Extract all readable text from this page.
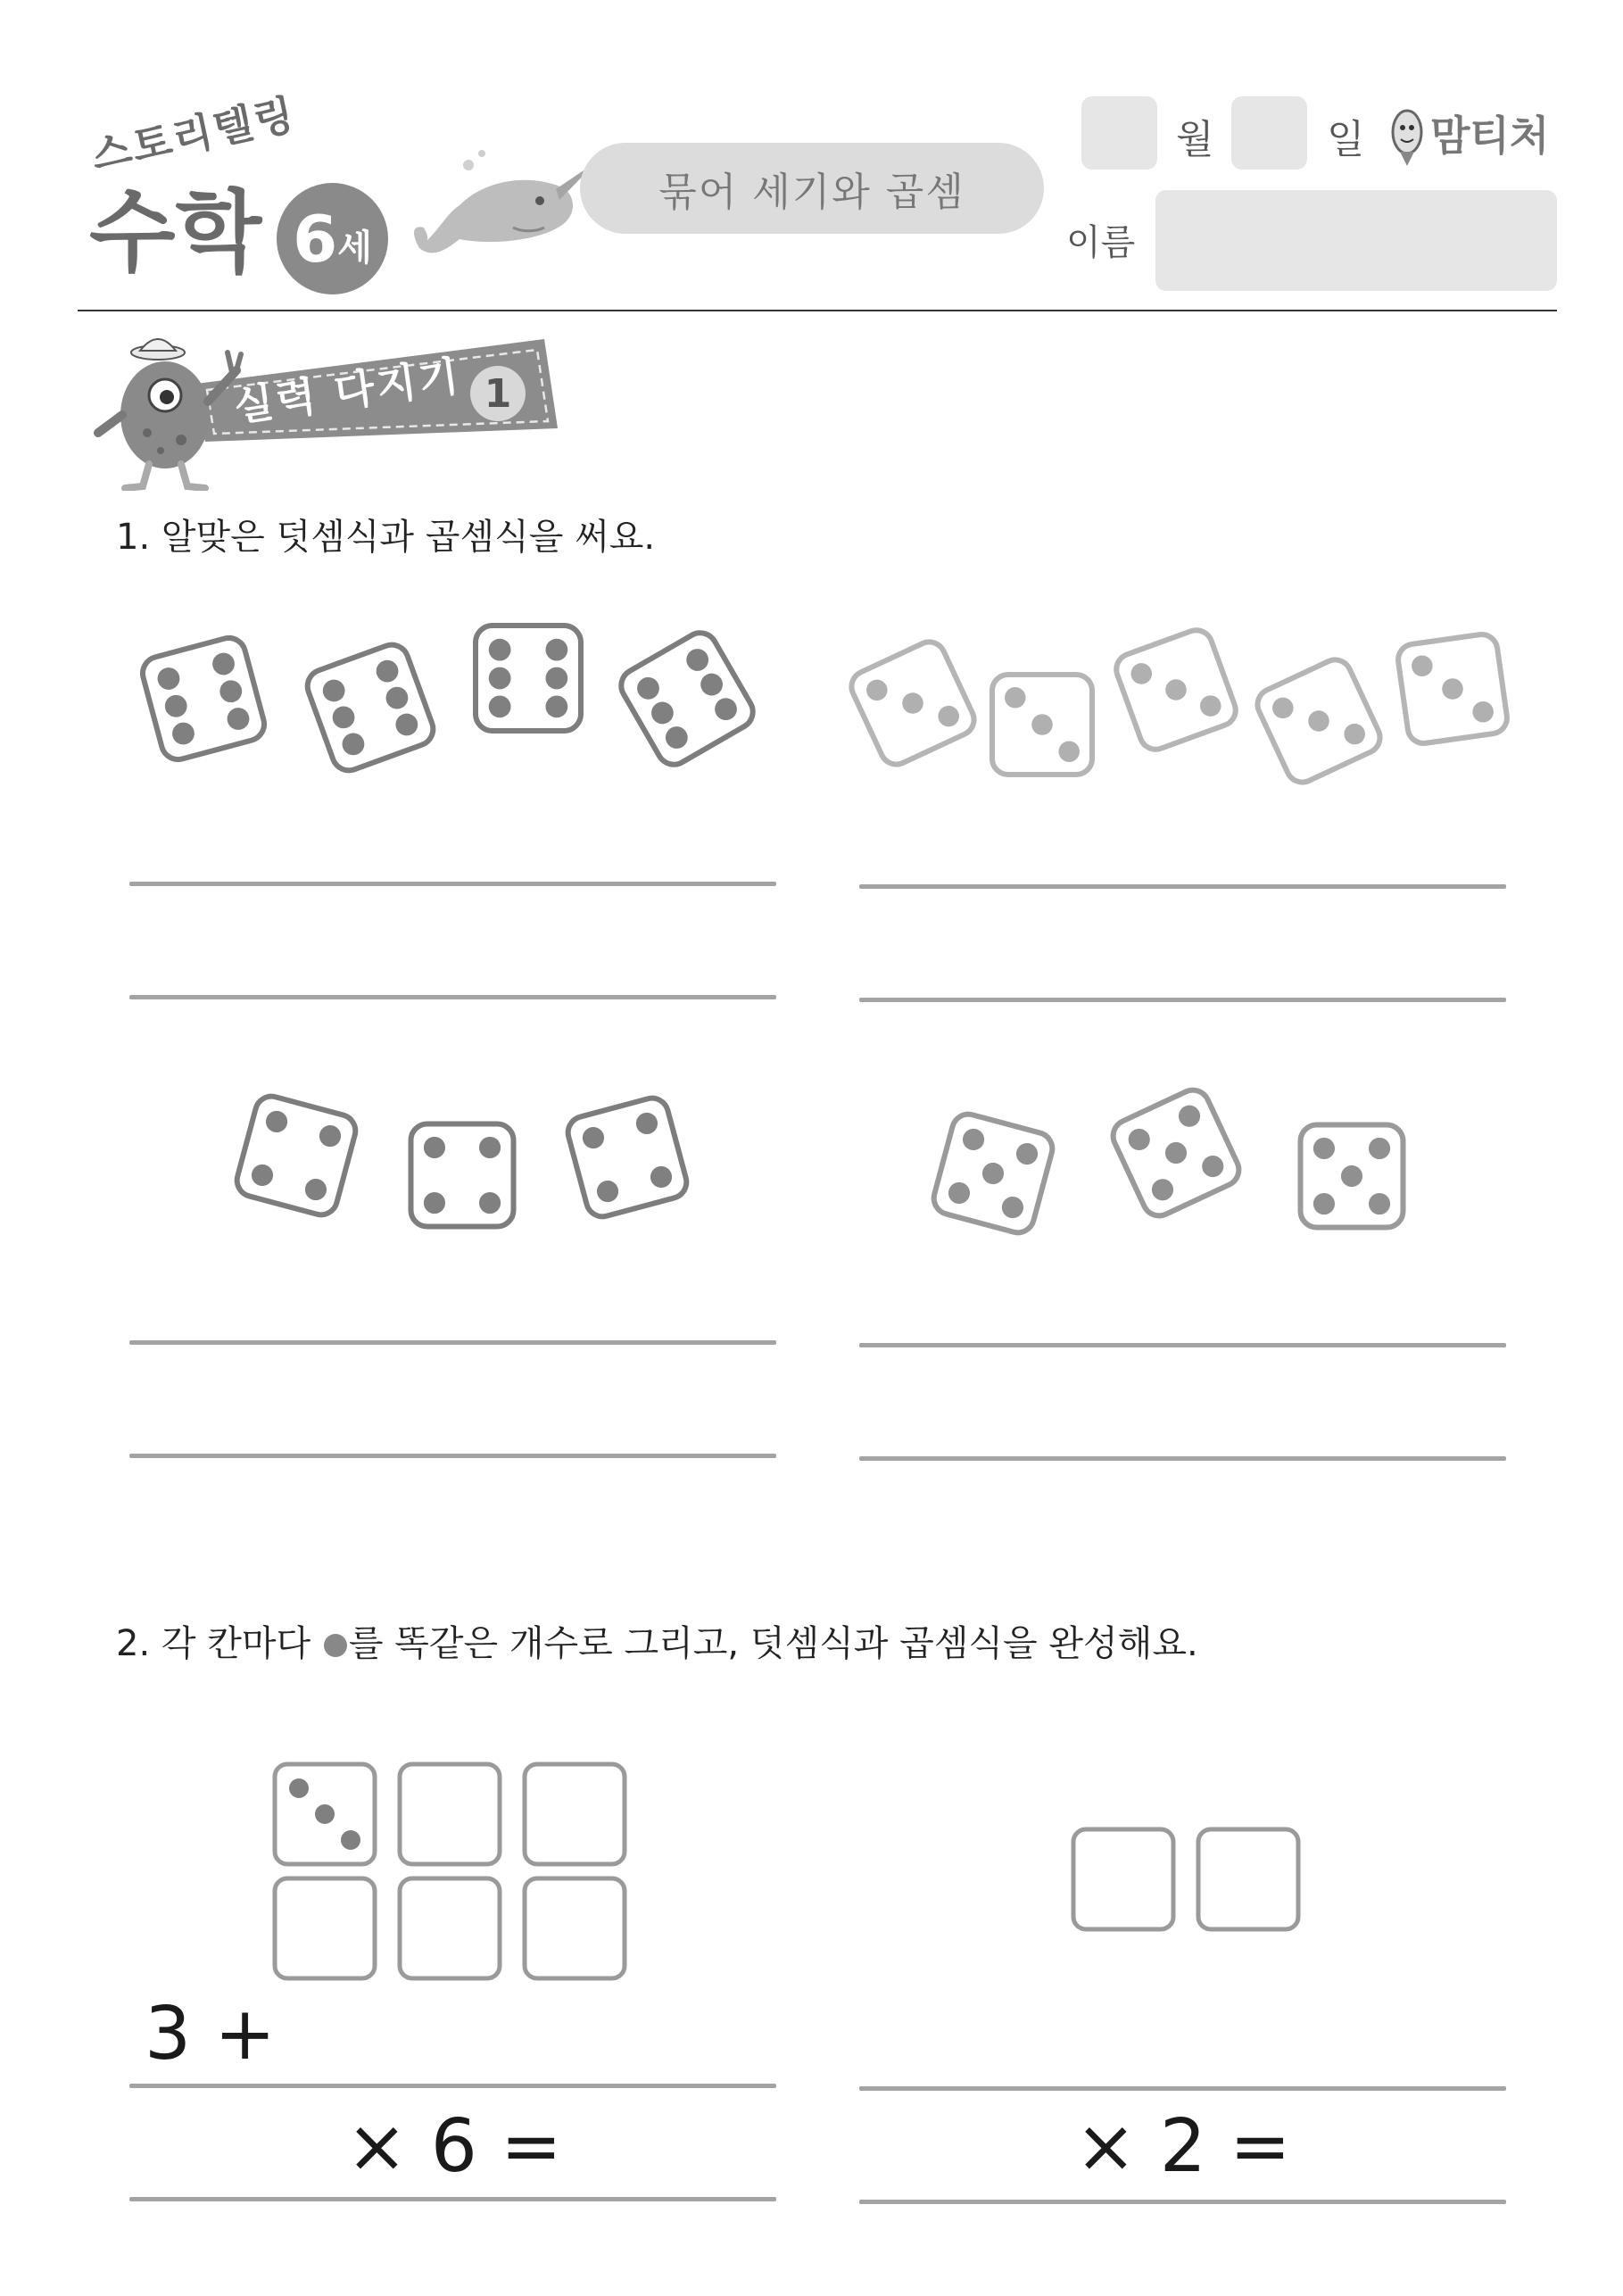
스토리텔링
수학 6 세
묶어 세기와 곱셈
월	일 맘티처
이름
실력 다지기 1
1. 알맞은 덧셈식과 곱셈식을 써요.
2. 각 칸마다 를 똑같은 개수로 그리고, 덧셈식과 곱셈식을 완성해요.
3 +
× 6 =	× 2 =
